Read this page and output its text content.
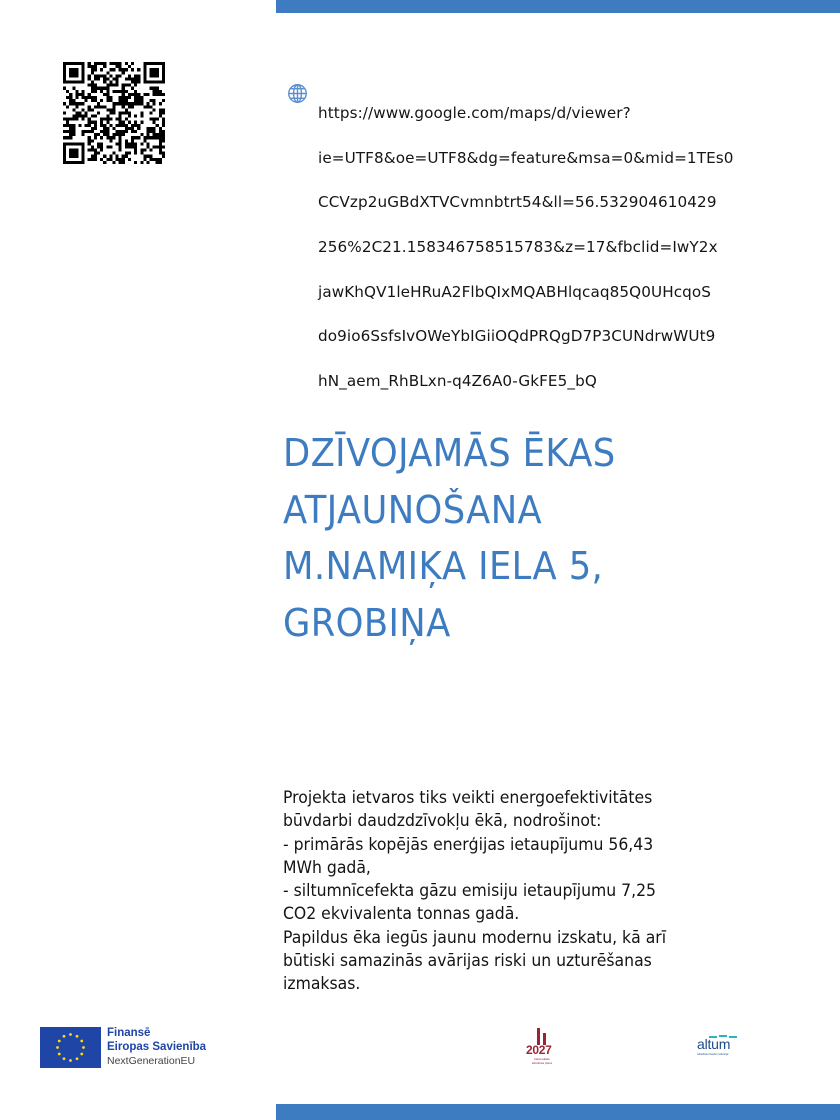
https://www.google.com/maps/d/viewer?

ie=UTF8&oe=UTF8&dg=feature&msa=0&mid=1TEs0

CCVzp2uGBdXTVCvmnbtrt54&ll=56.532904610429

256%2C21.158346758515783&z=17&fbclid=IwY2x

jawKhQV1leHRuA2FlbQIxMQABHlqcaq85Q0UHcqoS

do9io6SsfsIvOWeYbIGiiOQdPRQgD7P3CUNdrwWUt9

hN_aem_RhBLxn-q4Z6A0-GkFE5_bQ

DZĪVOJAMĀS ĒKAS
ATJAUNOŠANA
M.NAMIĶA IELA 5,
GROBIŅA
Projekta ietvaros tiks veikti energoefektivitātes
būvdarbi daudzdzīvokļu ēkā, nodrošinot:
- primārās kopējās enerģijas ietaupījumu 56,43
MWh gadā,
- siltumnīcefekta gāzu emisiju ietaupījumu 7,25
CO2 ekvivalenta tonnas gadā.
Papildus ēka iegūs jaunu modernu izskatu, kā arī
būtiski samazinās avārijas riski un uzturēšanas
izmaksas.
Finansē
Eiropas Savienība
NextGenerationEU
2027
Nacionālais attīstības plāns
altum
Attīstības finanšu institūcija
